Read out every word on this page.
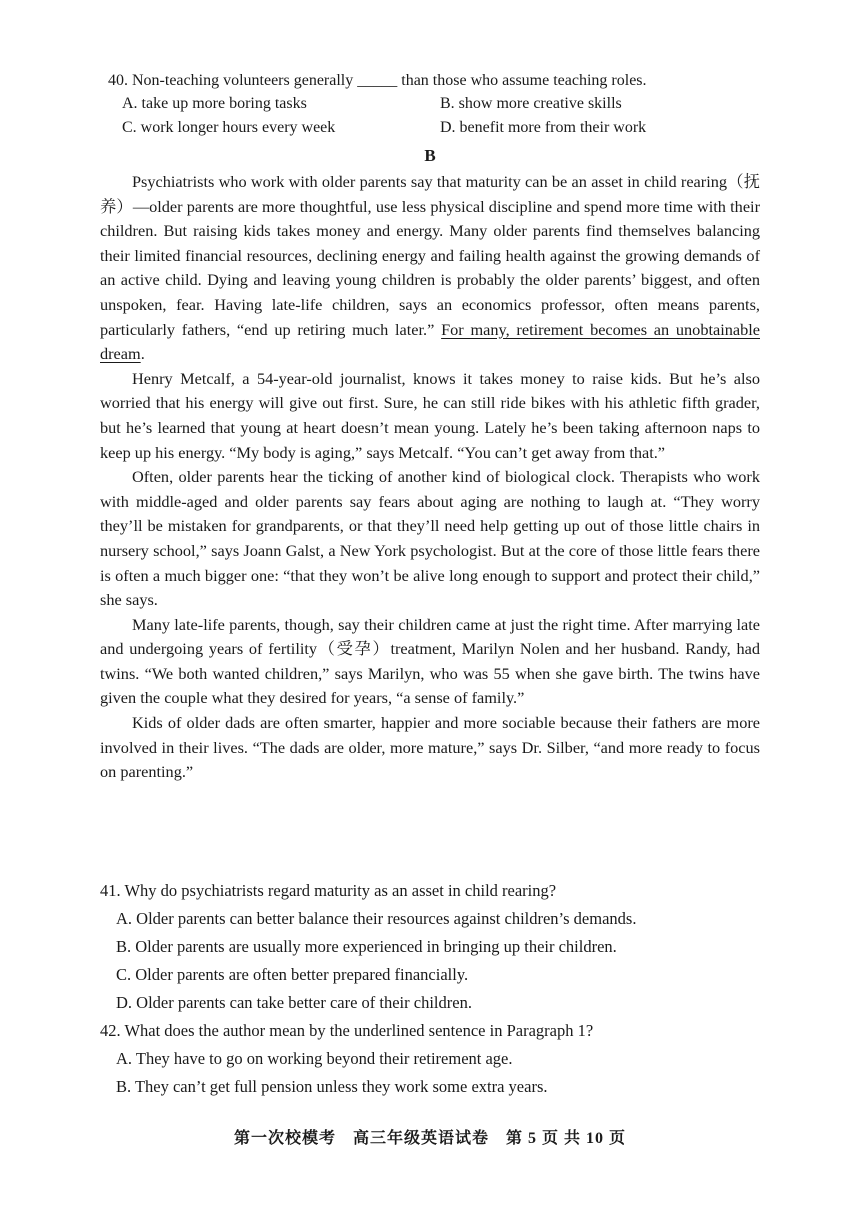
40. Non-teaching volunteers generally _____ than those who assume teaching roles.
A. take up more boring tasks	B. show more creative skills
C. work longer hours every week	D. benefit more from their work
B

Psychiatrists who work with older parents say that maturity can be an asset in child rearing（抚养）—older parents are more thoughtful, use less physical discipline and spend more time with their children. But raising kids takes money and energy. Many older parents find themselves balancing their limited financial resources, declining energy and failing health against the growing demands of an active child. Dying and leaving young children is probably the older parents’ biggest, and often unspoken, fear. Having late-life children, says an economics professor, often means parents, particularly fathers, “end up retiring much later.” For many, retirement becomes an unobtainable dream.

Henry Metcalf, a 54-year-old journalist, knows it takes money to raise kids. But he’s also worried that his energy will give out first. Sure, he can still ride bikes with his athletic fifth grader, but he’s learned that young at heart doesn’t mean young. Lately he’s been taking afternoon naps to keep up his energy. “My body is aging,” says Metcalf. “You can’t get away from that.”

Often, older parents hear the ticking of another kind of biological clock. Therapists who work with middle-aged and older parents say fears about aging are nothing to laugh at. “They worry they’ll be mistaken for grandparents, or that they’ll need help getting up out of those little chairs in nursery school,” says Joann Galst, a New York psychologist. But at the core of those little fears there is often a much bigger one: “that they won’t be alive long enough to support and protect their child,” she says.

Many late-life parents, though, say their children came at just the right time. After marrying late and undergoing years of fertility（受孕）treatment, Marilyn Nolen and her husband. Randy, had twins. “We both wanted children,” says Marilyn, who was 55 when she gave birth. The twins have given the couple what they desired for years, “a sense of family.”

Kids of older dads are often smarter, happier and more sociable because their fathers are more involved in their lives. “The dads are older, more mature,” says Dr. Silber, “and more ready to focus on parenting.”

41. Why do psychiatrists regard maturity as an asset in child rearing?

A. Older parents can better balance their resources against children’s demands.

B. Older parents are usually more experienced in bringing up their children.

C. Older parents are often better prepared financially.

D. Older parents can take better care of their children.

42. What does the author mean by the underlined sentence in Paragraph 1?

A. They have to go on working beyond their retirement age.

B. They can’t get full pension unless they work some extra years.

第一次校模考 高三年级英语试卷 第 5 页 共 10 页
